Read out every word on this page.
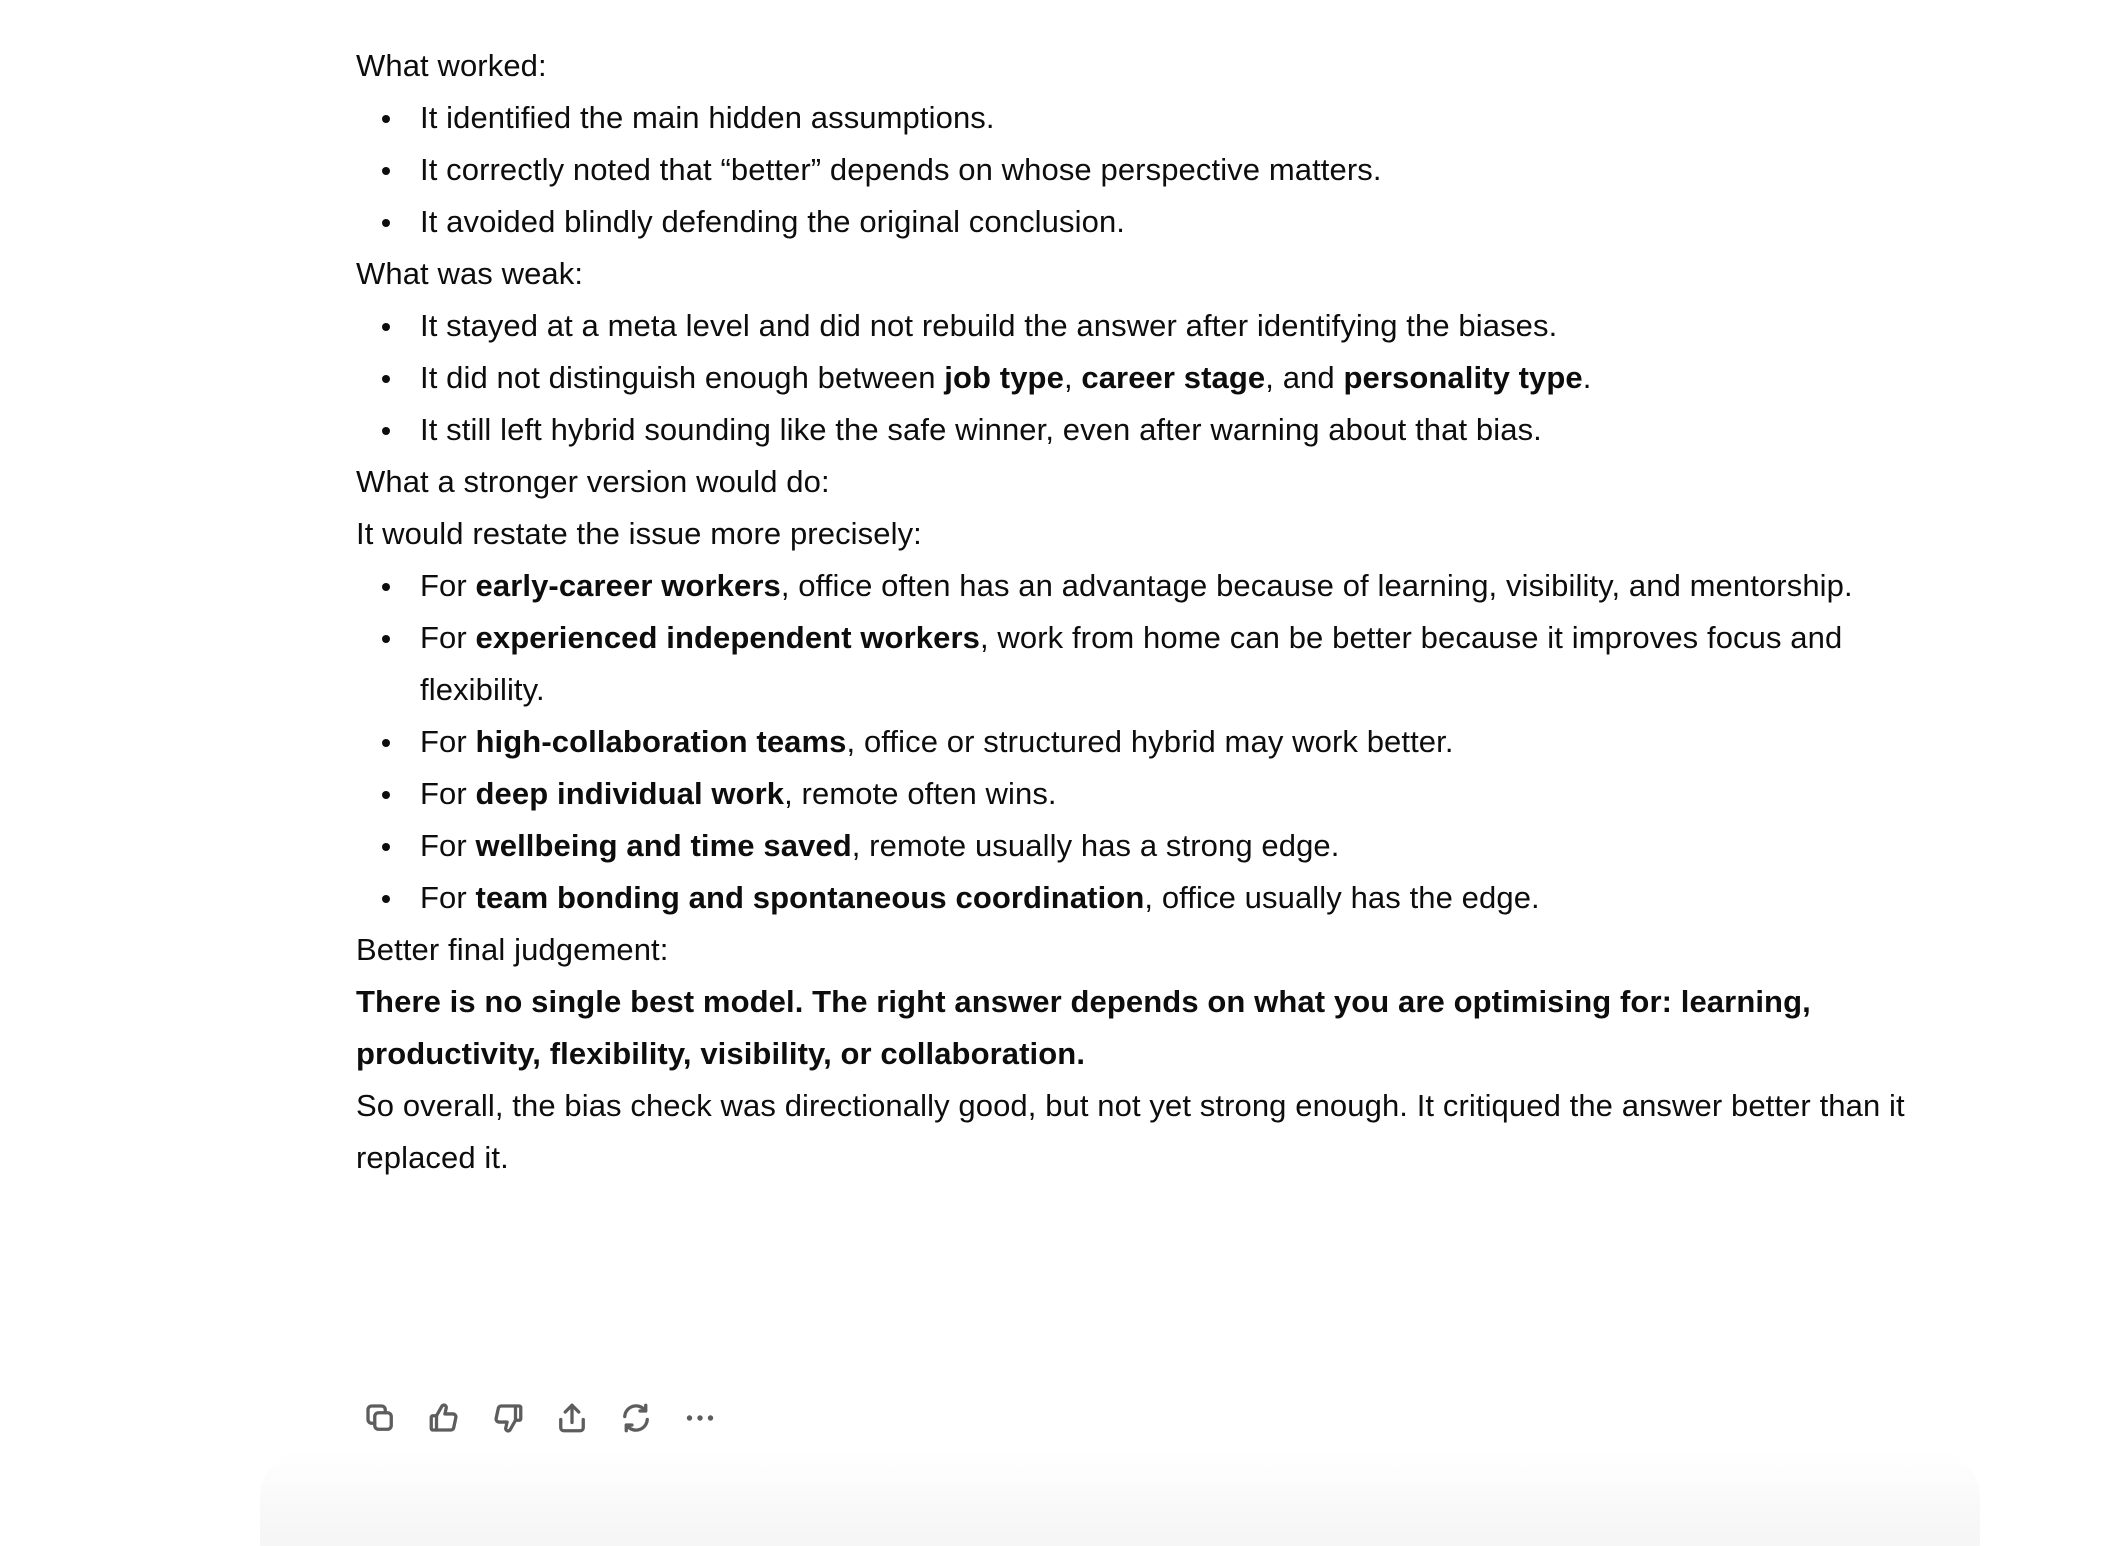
What worked:

It identified the main hidden assumptions.
It correctly noted that “better” depends on whose perspective matters.
It avoided blindly defending the original conclusion.

What was weak:

It stayed at a meta level and did not rebuild the answer after identifying the biases.
It did not distinguish enough between job type, career stage, and personality type.
It still left hybrid sounding like the safe winner, even after warning about that bias.

What a stronger version would do:

It would restate the issue more precisely:

For early-career workers, office often has an advantage because of learning, visibility, and mentorship.
For experienced independent workers, work from home can be better because it improves focus and flexibility.
For high-collaboration teams, office or structured hybrid may work better.
For deep individual work, remote often wins.
For wellbeing and time saved, remote usually has a strong edge.
For team bonding and spontaneous coordination, office usually has the edge.

Better final judgement:

There is no single best model. The right answer depends on what you are optimising for: learning, productivity, flexibility, visibility, or collaboration.

So overall, the bias check was directionally good, but not yet strong enough. It critiqued the answer better than it replaced it.
